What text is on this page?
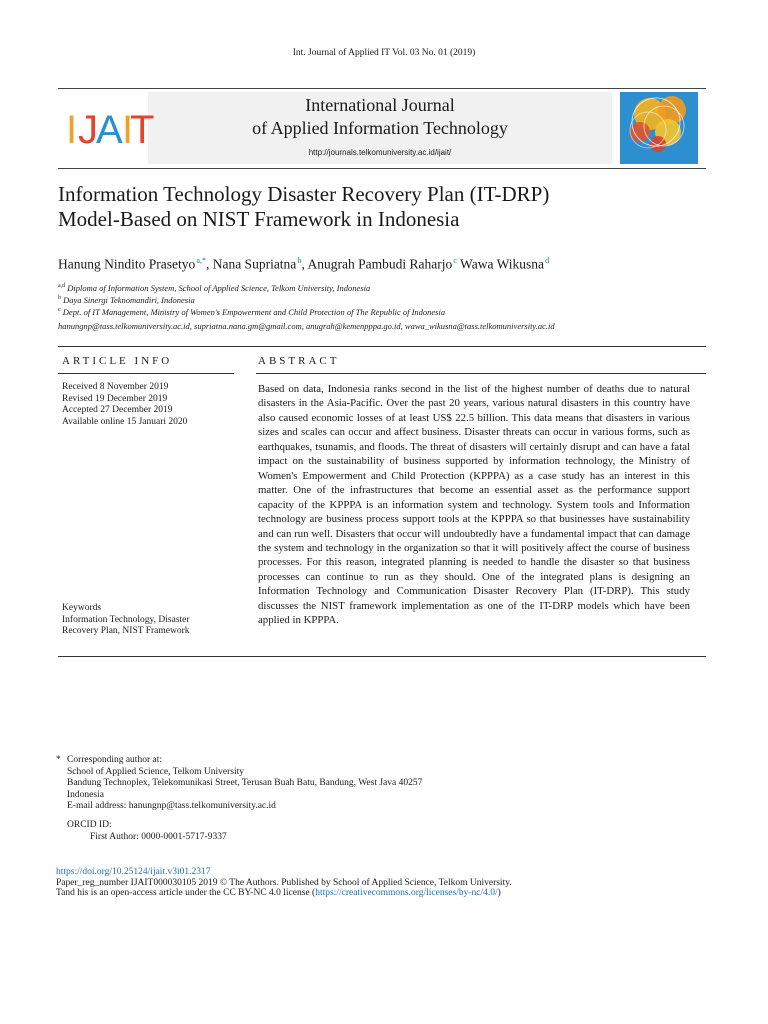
Int. Journal of Applied IT Vol. 03 No. 01 (2019)
I J
A I
T
International Journal
of Applied Information Technology
http://journals.telkomuniversity.ac.id/ijait/
Information Technology Disaster Recovery Plan (IT-DRP)
Model-Based on NIST Framework in Indonesia
Hanung Nindito Prasetyo $^{a,*}$, Nana Supriatna $^b$, Anugrah Pambudi Raharjo $^c$ Wawa Wikusna $^d$
$^{a,d}$ Diploma of Information System, School of Applied Science, Telkom University, Indonesia
$^b$ Daya Sinergi Teknomandiri, Indonesia
$^c$ Dept. of IT Management, Ministry of Women's Empowerment and Child Protection of The Republic of Indonesia
hanungnp@tass.telkomuniversity.ac.id, supriatna.nana.gm@gmail.com, anugrah@kemenpppa.go.id, wawa_wikusna@tass.telkomuniversity.ac.id
ARTICLE INFO	ABSTRACT
Received 8 November 2019
Revised 19 December 2019
Accepted 27 December 2019
Available online 15 Januari 2020
Keywords
Information Technology, Disaster
Recovery Plan, NIST Framework
Based on data, Indonesia ranks second in the list of the highest number of deaths due to natural disasters in the Asia-Pacific. Over the past 20 years, various natural disasters in this country have also caused economic losses of at least US$ 22.5 billion. This data means that disasters in various sizes and scales can occur and affect business. Disaster threats can occur in various forms, such as earthquakes, tsunamis, and floods. The threat of disasters will certainly disrupt and can have a fatal impact on the sustainability of business supported by information technology, the Ministry of Women's Empowerment and Child Protection (KPPPA) as a case study has an interest in this matter. One of the infrastructures that become an essential asset as the performance support capacity of the KPPPA is an information system and technology. System tools and Information technology are business process support tools at the KPPPA so that businesses have sustainability and can run well. Disasters that occur will undoubtedly have a fundamental impact that can damage the system and technology in the organization so that it will positively affect the course of business processes. For this reason, integrated planning is needed to handle the disaster so that business processes can continue to run as they should. One of the integrated plans is designing an Information Technology and Communication Disaster Recovery Plan (IT-DRP). This study discusses the NIST framework implementation as one of the IT-DRP models which have been applied in KPPPA.
* Corresponding author at:
School of Applied Science, Telkom University
Bandung Technoplex, Telekomunikasi Street, Terusan Buah Batu, Bandung, West Java 40257
Indonesia
E-mail address: hanungnp@tass.telkomuniversity.ac.id
ORCID ID:
First Author: 0000-0001-5717-9337
https://doi.org/10.25124/ijait.v3i01.2317
Paper_reg_number IJAIT000030105 2019 © The Authors. Published by School of Applied Science, Telkom University.
Tand his is an open-access article under the CC BY-NC 4.0 license (https://creativecommons.org/licenses/by-nc/4.0/)
